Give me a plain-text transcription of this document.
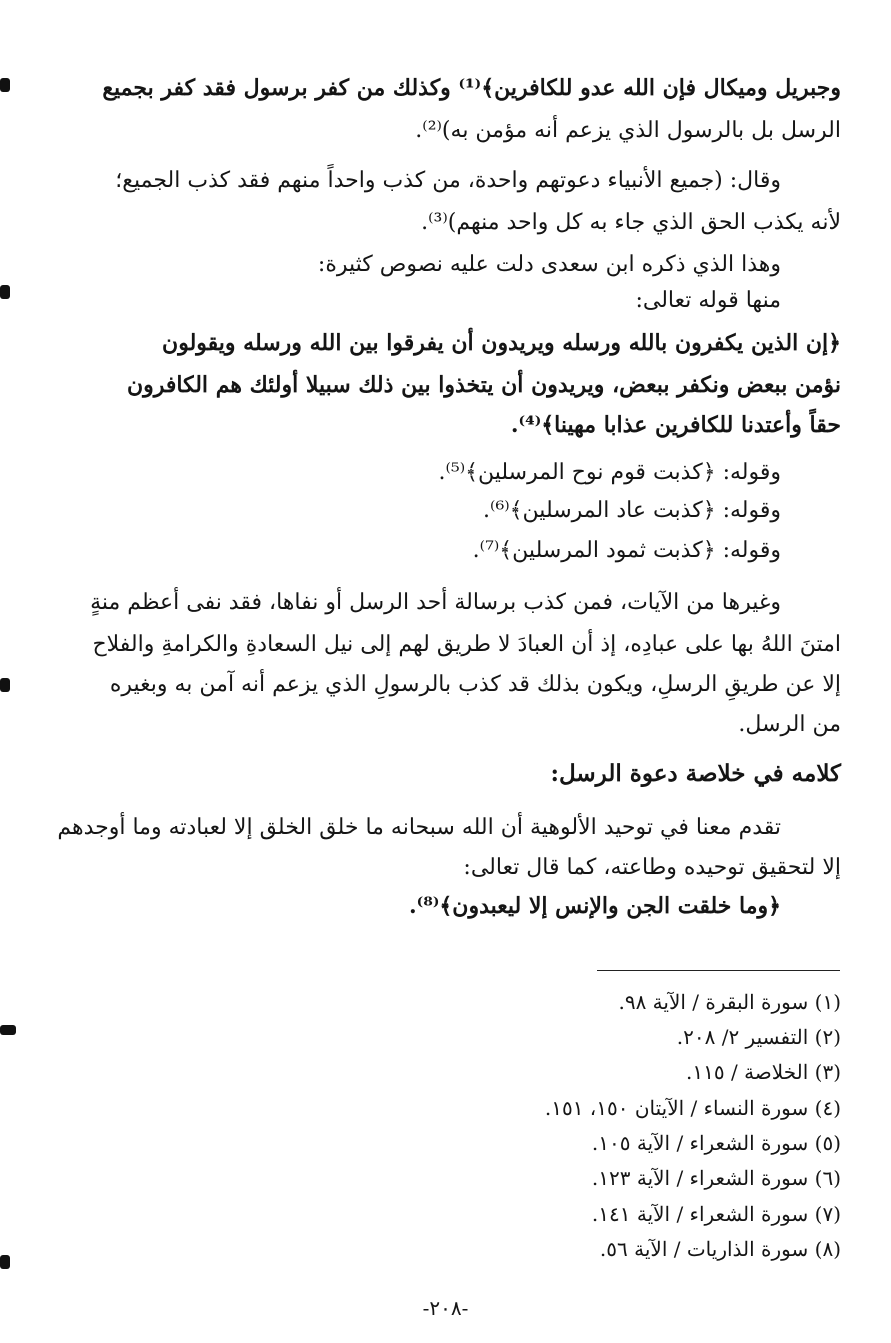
وجبريل وميكال فإن الله عدو للكافرين﴾⁽¹⁾ وكذلك من كفر برسول فقد كفر بجميع
الرسل بل بالرسول الذي يزعم أنه مؤمن به)⁽²⁾.
وقال: (جميع الأنبياء دعوتهم واحدة، من كذب واحداً منهم فقد كذب الجميع؛
لأنه يكذب الحق الذي جاء به كل واحد منهم)⁽³⁾.
وهذا الذي ذكره ابن سعدى دلت عليه نصوص كثيرة:
منها قوله تعالى:
﴿إن الذين يكفرون بالله ورسله ويريدون أن يفرقوا بين الله ورسله ويقولون
نؤمن ببعض ونكفر ببعض، ويريدون أن يتخذوا بين ذلك سبيلا أولئك هم الكافرون
حقاً وأعتدنا للكافرين عذابا مهينا﴾⁽⁴⁾.
وقوله: ﴿كذبت قوم نوح المرسلين﴾⁽⁵⁾.
وقوله: ﴿كذبت عاد المرسلين﴾⁽⁶⁾.
وقوله: ﴿كذبت ثمود المرسلين﴾⁽⁷⁾.
وغيرها من الآيات، فمن كذب برسالة أحد الرسل أو نفاها، فقد نفى أعظم منةٍ
امتنَ اللهُ بها على عبادِه، إذ أن العبادَ لا طريق لهم إلى نيل السعادةِ والكرامةِ والفلاح
إلا عن طريقِ الرسلِ، ويكون بذلك قد كذب بالرسولِ الذي يزعم أنه آمن به وبغيره
من الرسل.
كلامه في خلاصة دعوة الرسل:
تقدم معنا في توحيد الألوهية أن الله سبحانه ما خلق الخلق إلا لعبادته وما أوجدهم
إلا لتحقيق توحيده وطاعته، كما قال تعالى:
﴿وما خلقت الجن والإنس إلا ليعبدون﴾⁽⁸⁾.
(١) سورة البقرة / الآية ٩٨.
(٢) التفسير ٢/ ٢٠٨.
(٣) الخلاصة / ١١٥.
(٤) سورة النساء / الآيتان ١٥٠، ١٥١.
(٥) سورة الشعراء / الآية ١٠٥.
(٦) سورة الشعراء / الآية ١٢٣.
(٧) سورة الشعراء / الآية ١٤١.
(٨) سورة الذاريات / الآية ٥٦.
-٢٠٨-
